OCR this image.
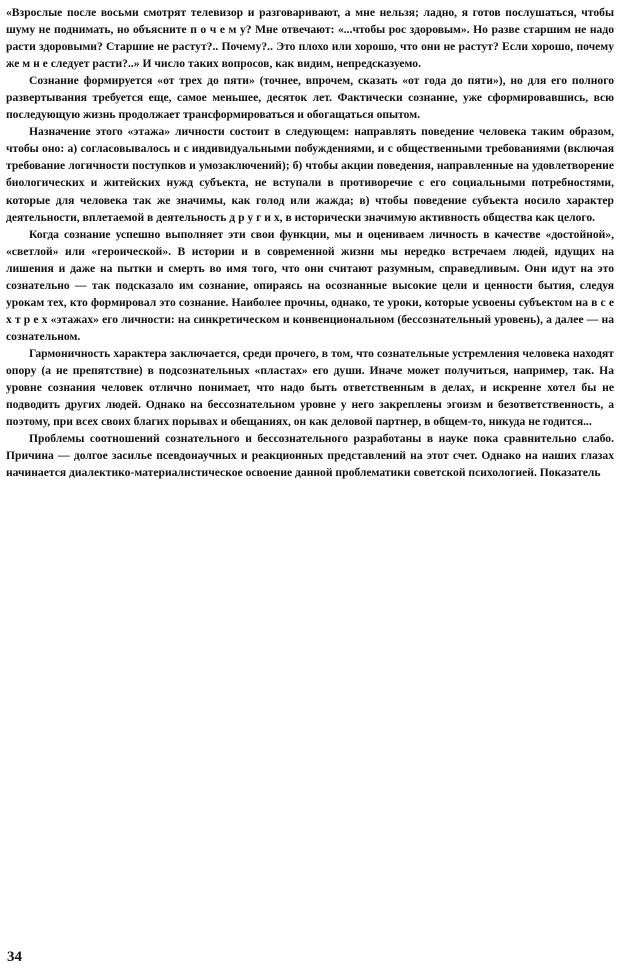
«Взрослые после восьми смотрят телевизор и разговаривают, а мне нельзя; ладно, я готов послушаться, чтобы шуму не поднимать, но объясните п о ч е м у? Мне отвечают: «...чтобы рос здоровым». Но разве старшим не надо расти здоровыми? Старшие не растут?.. Почему?.. Это плохо или хорошо, что они не растут? Если хорошо, почему же м н е следует расти?..» И число таких вопросов, как видим, непредсказуемо.

Сознание формируется «от трех до пяти» (точнее, впрочем, сказать «от года до пяти»), но для его полного развертывания требуется еще, самое меньшее, десяток лет. Фактически сознание, уже сформировавшись, всю последующую жизнь продолжает трансформироваться и обогащаться опытом.

Назначение этого «этажа» личности состоит в следующем: направлять поведение человека таким образом, чтобы оно: а) согласовывалось и с индивидуальными побуждениями, и с общественными требованиями (включая требование логичности поступков и умозаключений); б) чтобы акции поведения, направленные на удовлетворение биологических и житейских нужд субъекта, не вступали в противоречие с его социальными потребностями, которые для человека так же значимы, как голод или жажда; в) чтобы поведение субъекта носило характер деятельности, вплетаемой в деятельность д р у г и х, в исторически значимую активность общества как целого.

Когда сознание успешно выполняет эти свои функции, мы и оцениваем личность в качестве «достойной», «светлой» или «героической». В истории и в современной жизни мы нередко встречаем людей, идущих на лишения и даже на пытки и смерть во имя того, что они считают разумным, справедливым. Они идут на это сознательно — так подсказало им сознание, опираясь на осознанные высокие цели и ценности бытия, следуя урокам тех, кто формировал это сознание. Наиболее прочны, однако, те уроки, которые усвоены субъектом на в с е х т р е х «этажах» его личности: на синкретическом и конвенциональном (бессознательный уровень), а далее — на сознательном.

Гармоничность характера заключается, среди прочего, в том, что сознательные устремления человека находят опору (а не препятствие) в подсознательных «пластах» его души. Иначе может получиться, например, так. На уровне сознания человек отлично понимает, что надо быть ответственным в делах, и искренне хотел бы не подводить других людей. Однако на бессознательном уровне у него закреплены эгоизм и безответственность, а поэтому, при всех своих благих порывах и обещаниях, он как деловой партнер, в общем-то, никуда не годится...

Проблемы соотношений сознательного и бессознательного разработаны в науке пока сравнительно слабо. Причина — долгое засилье псевдонаучных и реакционных представлений на этот счет. Однако на наших глазах начинается диалектико-материалистическое освоение данной проблематики советской психологией. Показатель

34
